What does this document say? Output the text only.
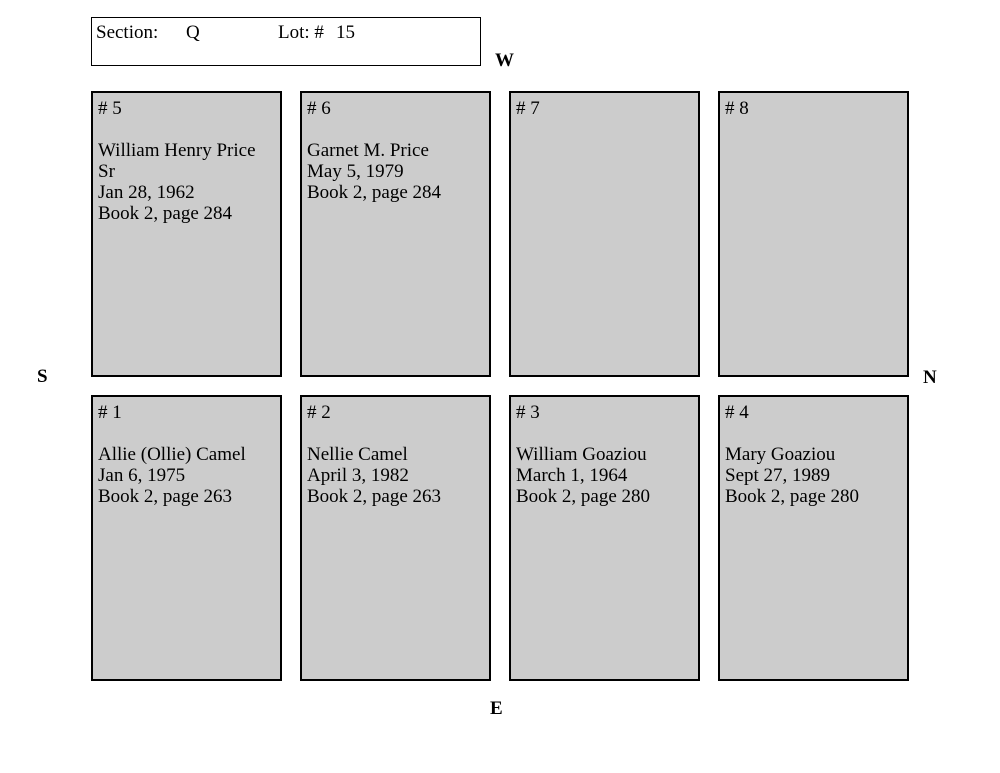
Section: Q	Lot: # 15
W
E
S	N
# 5
William Henry Price
Sr
Jan 28, 1962
Book 2, page 284
# 6
Garnet M. Price
May 5, 1979
Book 2, page 284
# 7	# 8
# 1
Allie (Ollie) Camel
Jan 6, 1975
Book 2, page 263
# 2
Nellie Camel
April 3, 1982
Book 2, page 263
# 3
William Goaziou
March 1, 1964
Book 2, page 280
# 4
Mary Goaziou
Sept 27, 1989
Book 2, page 280
